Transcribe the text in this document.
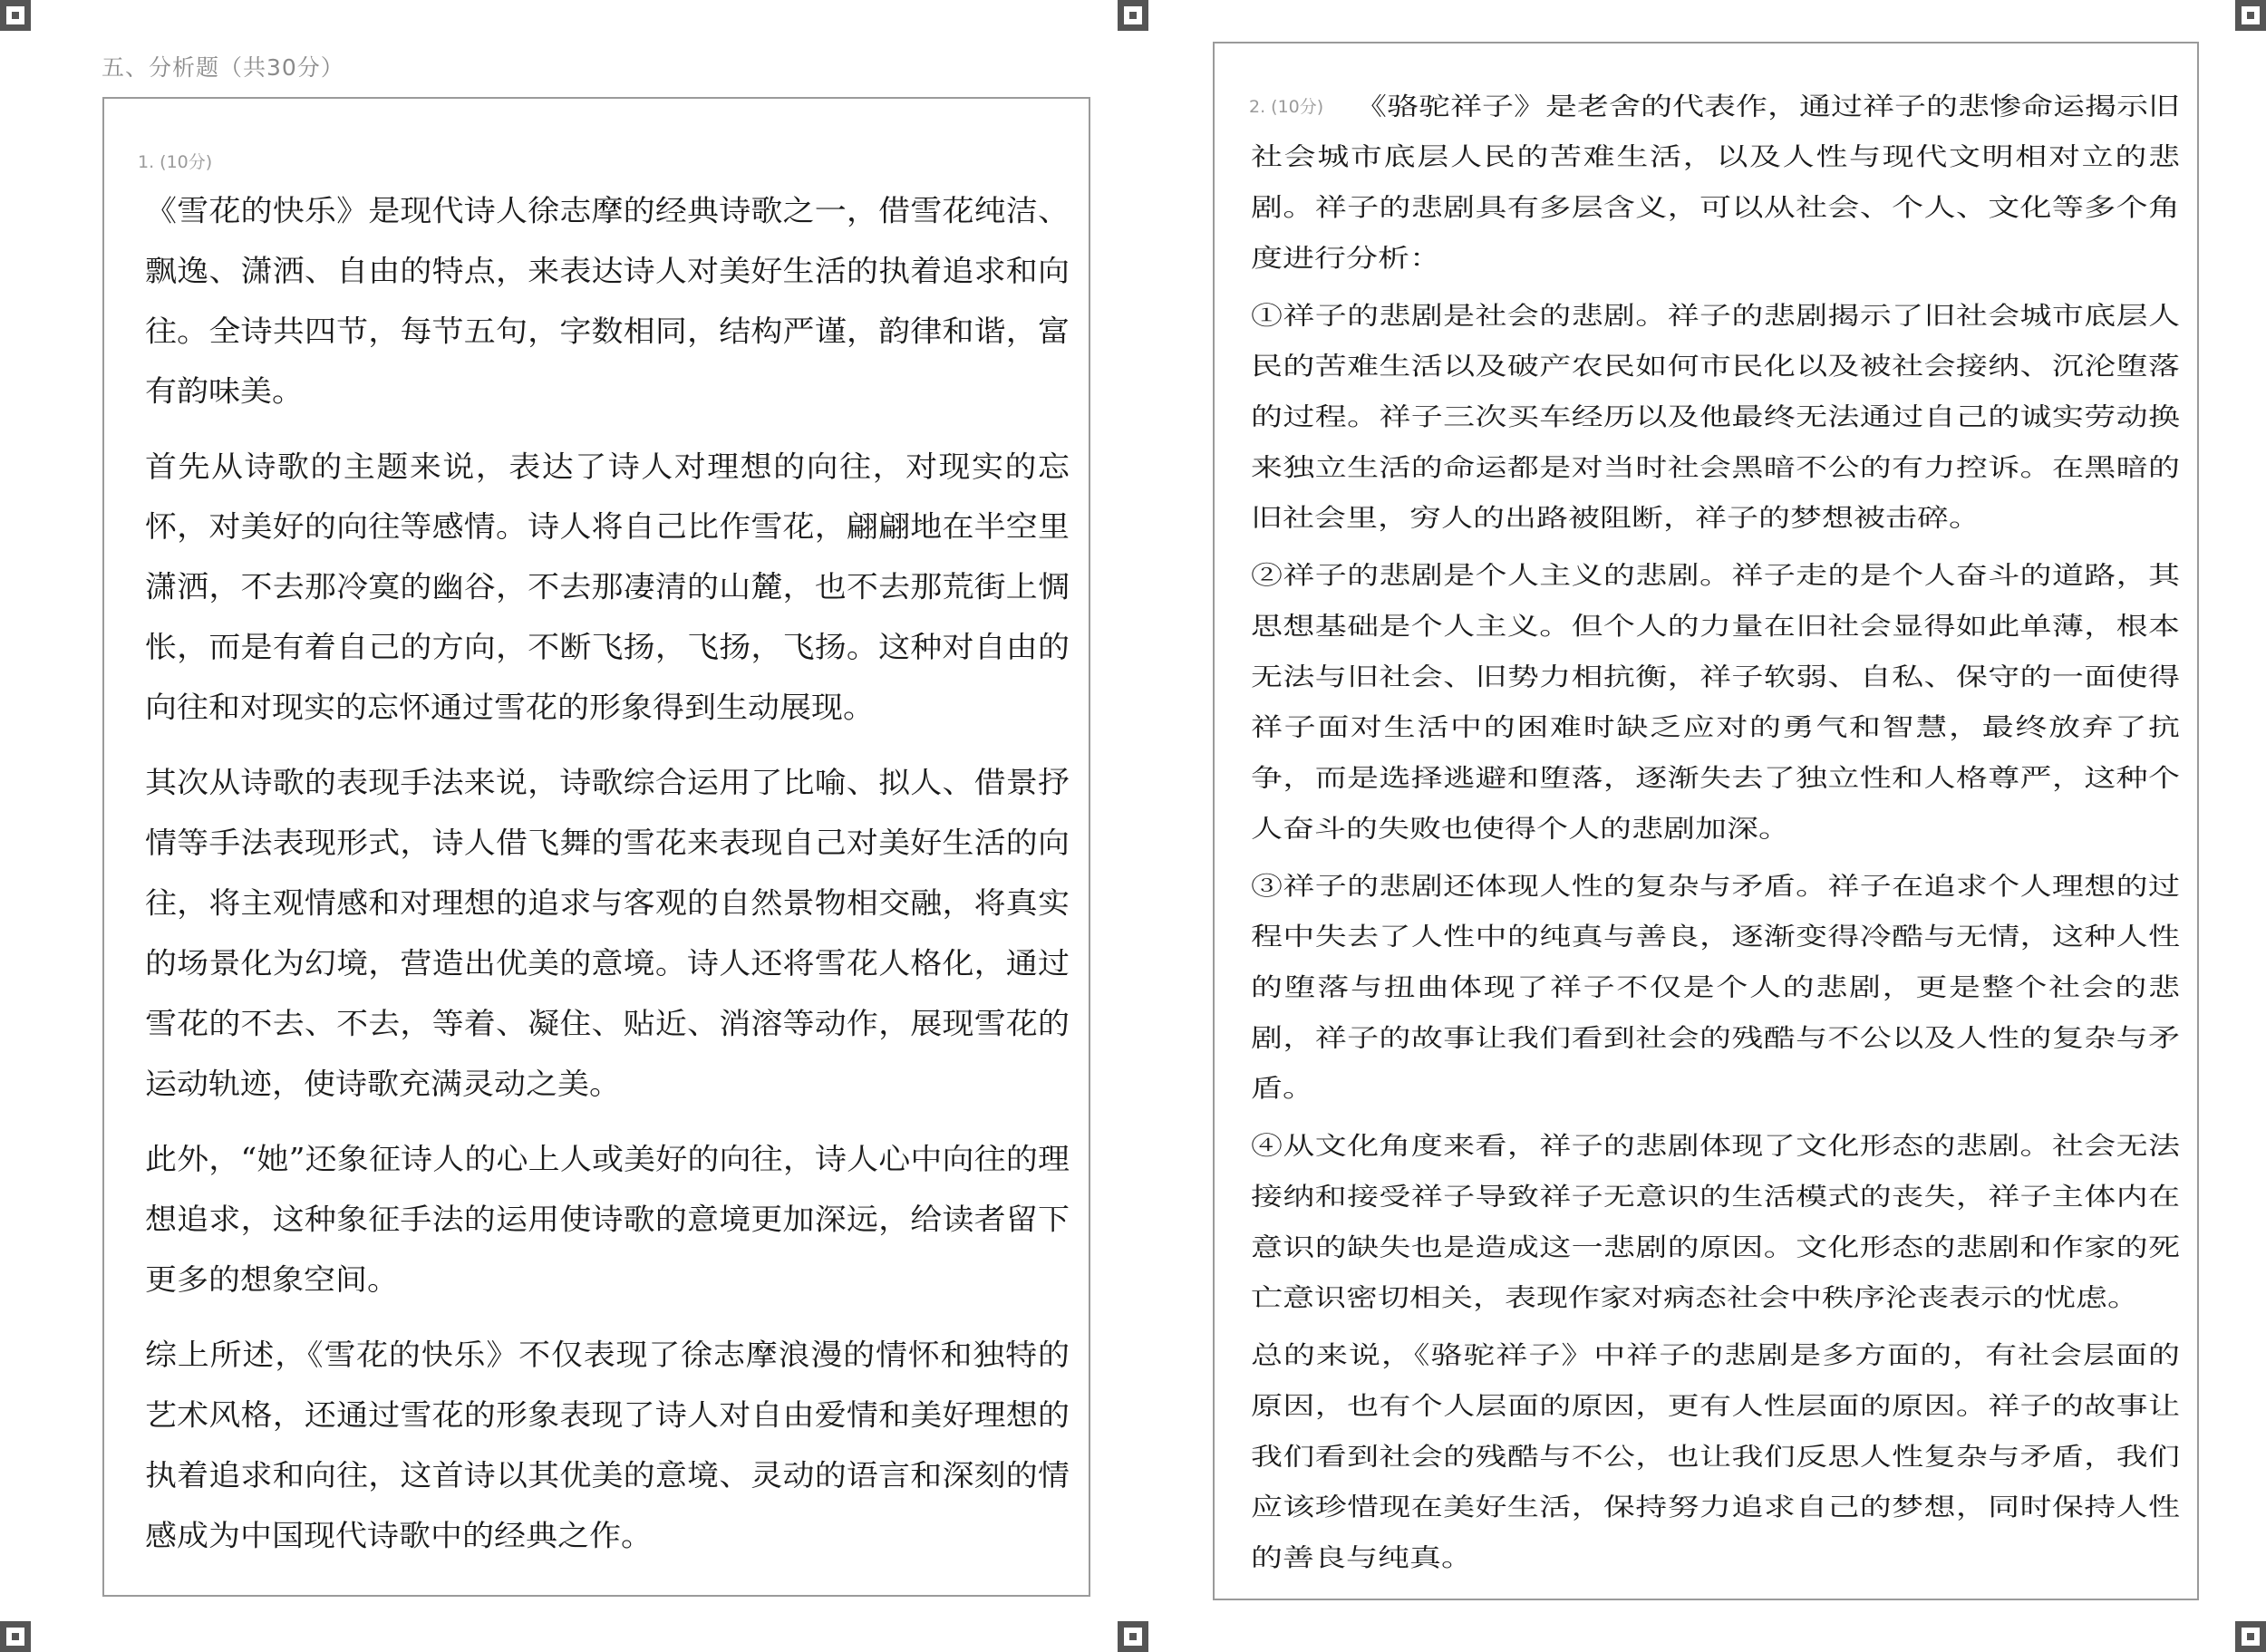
五、分析题（共30分）
1. (10分)

《雪花的快乐》是现代诗人徐志摩的经典诗歌之一，借雪花纯洁、飘逸、潇洒、自由的特点，来表达诗人对美好生活的执着追求和向往。全诗共四节，每节五句，字数相同，结构严谨，韵律和谐，富有韵味美。

首先从诗歌的主题来说，表达了诗人对理想的向往，对现实的忘怀，对美好的向往等感情。诗人将自己比作雪花，翩翩地在半空里潇洒，不去那冷寞的幽谷，不去那凄清的山麓，也不去那荒街上惆怅，而是有着自己的方向，不断飞扬，飞扬，飞扬。这种对自由的向往和对现实的忘怀通过雪花的形象得到生动展现。

其次从诗歌的表现手法来说，诗歌综合运用了比喻、拟人、借景抒情等手法表现形式，诗人借飞舞的雪花来表现自己对美好生活的向往，将主观情感和对理想的追求与客观的自然景物相交融，将真实的场景化为幻境，营造出优美的意境。诗人还将雪花人格化，通过雪花的不去、不去，等着、凝住、贴近、消溶等动作，展现雪花的运动轨迹，使诗歌充满灵动之美。

此外，“她”还象征诗人的心上人或美好的向往，诗人心中向往的理想追求，这种象征手法的运用使诗歌的意境更加深远，给读者留下更多的想象空间。

综上所述，《雪花的快乐》不仅表现了徐志摩浪漫的情怀和独特的艺术风格，还通过雪花的形象表现了诗人对自由爱情和美好理想的执着追求和向往，这首诗以其优美的意境、灵动的语言和深刻的情感成为中国现代诗歌中的经典之作。

2. (10分) 《骆驼祥子》是老舍的代表作，通过祥子的悲惨命运揭示旧社会城市底层人民的苦难生活，以及人性与现代文明相对立的悲剧。祥子的悲剧具有多层含义，可以从社会、个人、文化等多个角度进行分析：

①祥子的悲剧是社会的悲剧。祥子的悲剧揭示了旧社会城市底层人民的苦难生活以及破产农民如何市民化以及被社会接纳、沉沦堕落的过程。祥子三次买车经历以及他最终无法通过自己的诚实劳动换来独立生活的命运都是对当时社会黑暗不公的有力控诉。在黑暗的旧社会里，穷人的出路被阻断，祥子的梦想被击碎。

②祥子的悲剧是个人主义的悲剧。祥子走的是个人奋斗的道路，其思想基础是个人主义。但个人的力量在旧社会显得如此单薄，根本无法与旧社会、旧势力相抗衡，祥子软弱、自私、保守的一面使得祥子面对生活中的困难时缺乏应对的勇气和智慧，最终放弃了抗争，而是选择逃避和堕落，逐渐失去了独立性和人格尊严，这种个人奋斗的失败也使得个人的悲剧加深。

③祥子的悲剧还体现人性的复杂与矛盾。祥子在追求个人理想的过程中失去了人性中的纯真与善良，逐渐变得冷酷与无情，这种人性的堕落与扭曲体现了祥子不仅是个人的悲剧，更是整个社会的悲剧，祥子的故事让我们看到社会的残酷与不公以及人性的复杂与矛盾。

④从文化角度来看，祥子的悲剧体现了文化形态的悲剧。社会无法接纳和接受祥子导致祥子无意识的生活模式的丧失，祥子主体内在意识的缺失也是造成这一悲剧的原因。文化形态的悲剧和作家的死亡意识密切相关，表现作家对病态社会中秩序沦丧表示的忧虑。

总的来说，《骆驼祥子》中祥子的悲剧是多方面的，有社会层面的原因，也有个人层面的原因，更有人性层面的原因。祥子的故事让我们看到社会的残酷与不公，也让我们反思人性复杂与矛盾，我们应该珍惜现在美好生活，保持努力追求自己的梦想，同时保持人性的善良与纯真。
